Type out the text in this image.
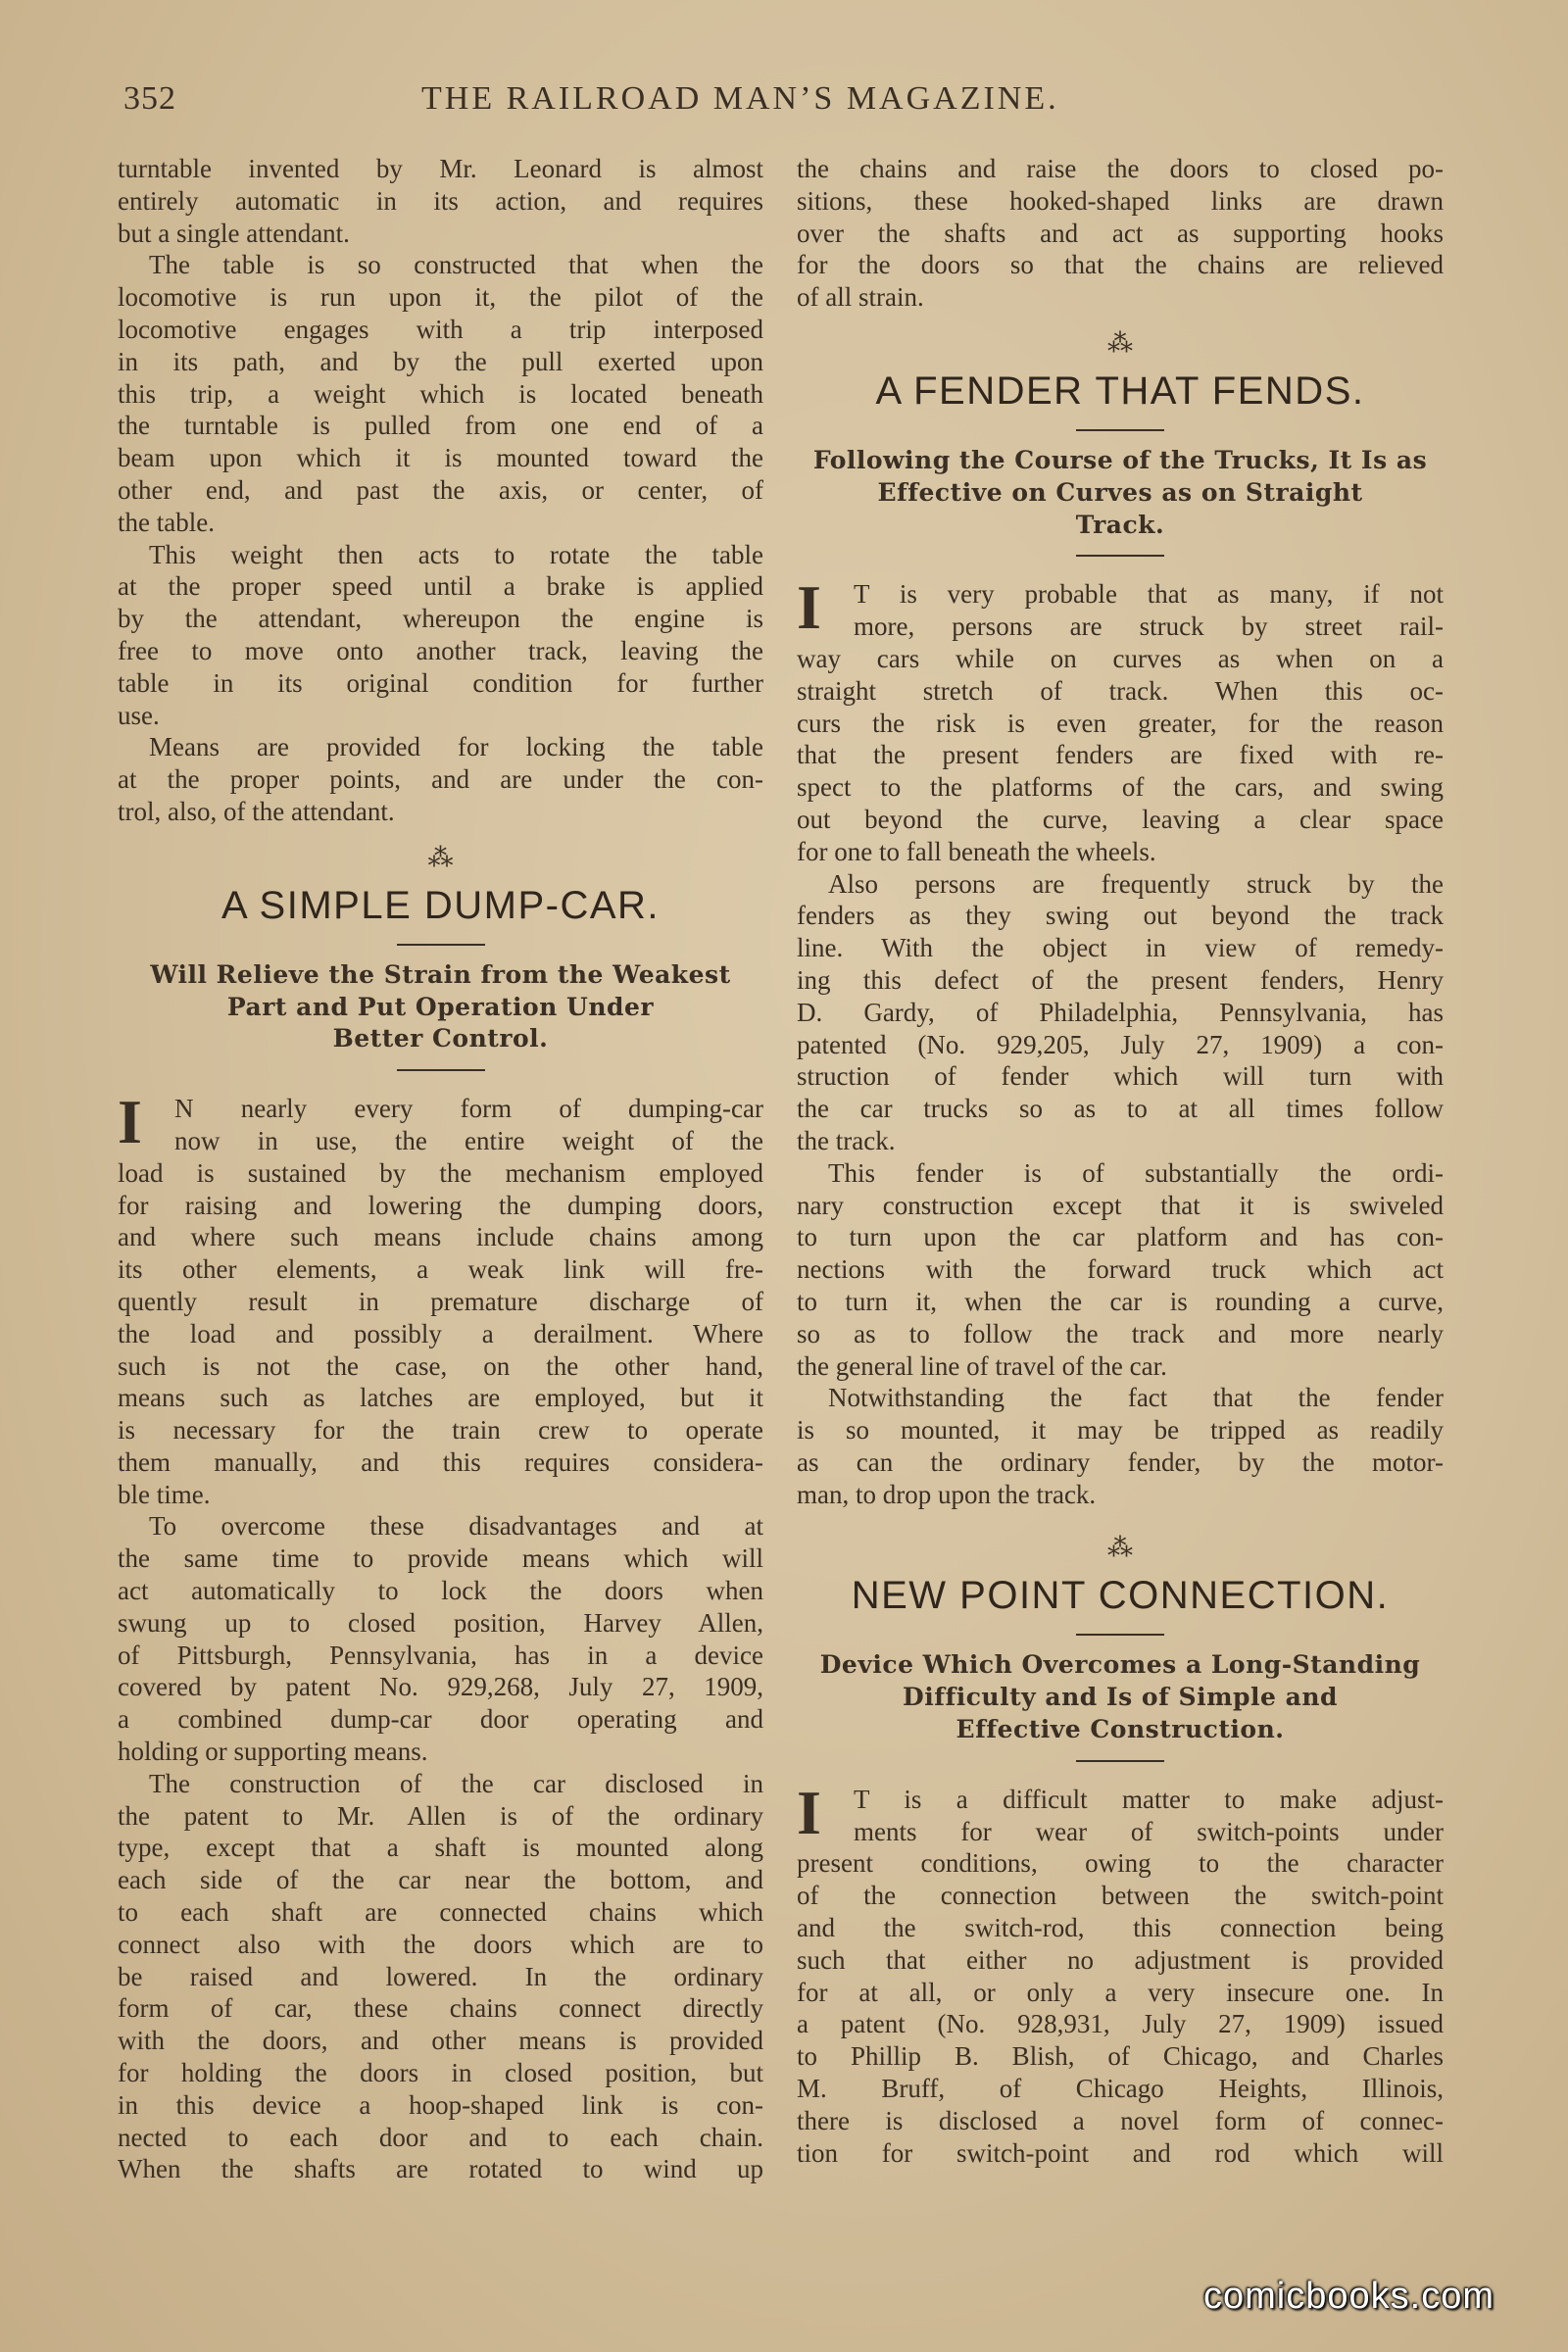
352	THE RAILROAD MAN’S MAGAZINE.
turntable invented by Mr. Leonard is almost
entirely automatic in its action, and requires
but a single attendant.
The table is so constructed that when the
locomotive is run upon it, the pilot of the
locomotive engages with a trip interposed
in its path, and by the pull exerted upon
this trip, a weight which is located beneath
the turntable is pulled from one end of a
beam upon which it is mounted toward the
other end, and past the axis, or center, of
the table.
This weight then acts to rotate the table
at the proper speed until a brake is applied
by the attendant, whereupon the engine is
free to move onto another track, leaving the
table in its original condition for further
use.
Means are provided for locking the table
at the proper points, and are under the con-
trol, also, of the attendant.
⁂
A SIMPLE DUMP-CAR.
Will Relieve the Strain from the Weakest
Part and Put Operation Under
Better Control.
I	N nearly every form of dumping-car
now in use, the entire weight of the
load is sustained by the mechanism employed
for raising and lowering the dumping doors,
and where such means include chains among
its other elements, a weak link will fre-
quently result in premature discharge of
the load and possibly a derailment. Where
such is not the case, on the other hand,
means such as latches are employed, but it
is necessary for the train crew to operate
them manually, and this requires considera-
ble time.
To overcome these disadvantages and at
the same time to provide means which will
act automatically to lock the doors when
swung up to closed position, Harvey Allen,
of Pittsburgh, Pennsylvania, has in a device
covered by patent No. 929,268, July 27, 1909,
a combined dump-car door operating and
holding or supporting means.
The construction of the car disclosed in
the patent to Mr. Allen is of the ordinary
type, except that a shaft is mounted along
each side of the car near the bottom, and
to each shaft are connected chains which
connect also with the doors which are to
be raised and lowered. In the ordinary
form of car, these chains connect directly
with the doors, and other means is provided
for holding the doors in closed position, but
in this device a hoop-shaped link is con-
nected to each door and to each chain.
When the shafts are rotated to wind up
the chains and raise the doors to closed po-
sitions, these hooked-shaped links are drawn
over the shafts and act as supporting hooks
for the doors so that the chains are relieved
of all strain.
⁂
A FENDER THAT FENDS.
Following the Course of the Trucks, It Is as
Effective on Curves as on Straight
Track.
I	T is very probable that as many, if not
more, persons are struck by street rail-
way cars while on curves as when on a
straight stretch of track. When this oc-
curs the risk is even greater, for the reason
that the present fenders are fixed with re-
spect to the platforms of the cars, and swing
out beyond the curve, leaving a clear space
for one to fall beneath the wheels.
Also persons are frequently struck by the
fenders as they swing out beyond the track
line. With the object in view of remedy-
ing this defect of the present fenders, Henry
D. Gardy, of Philadelphia, Pennsylvania, has
patented (No. 929,205, July 27, 1909) a con-
struction of fender which will turn with
the car trucks so as to at all times follow
the track.
This fender is of substantially the ordi-
nary construction except that it is swiveled
to turn upon the car platform and has con-
nections with the forward truck which act
to turn it, when the car is rounding a curve,
so as to follow the track and more nearly
the general line of travel of the car.
Notwithstanding the fact that the fender
is so mounted, it may be tripped as readily
as can the ordinary fender, by the motor-
man, to drop upon the track.
⁂
NEW POINT CONNECTION.
Device Which Overcomes a Long-Standing
Difficulty and Is of Simple and
Effective Construction.
I	T is a difficult matter to make adjust-
ments for wear of switch-points under
present conditions, owing to the character
of the connection between the switch-point
and the switch-rod, this connection being
such that either no adjustment is provided
for at all, or only a very insecure one. In
a patent (No. 928,931, July 27, 1909) issued
to Phillip B. Blish, of Chicago, and Charles
M. Bruff, of Chicago Heights, Illinois,
there is disclosed a novel form of connec-
tion for switch-point and rod which will
comicbooks.com
